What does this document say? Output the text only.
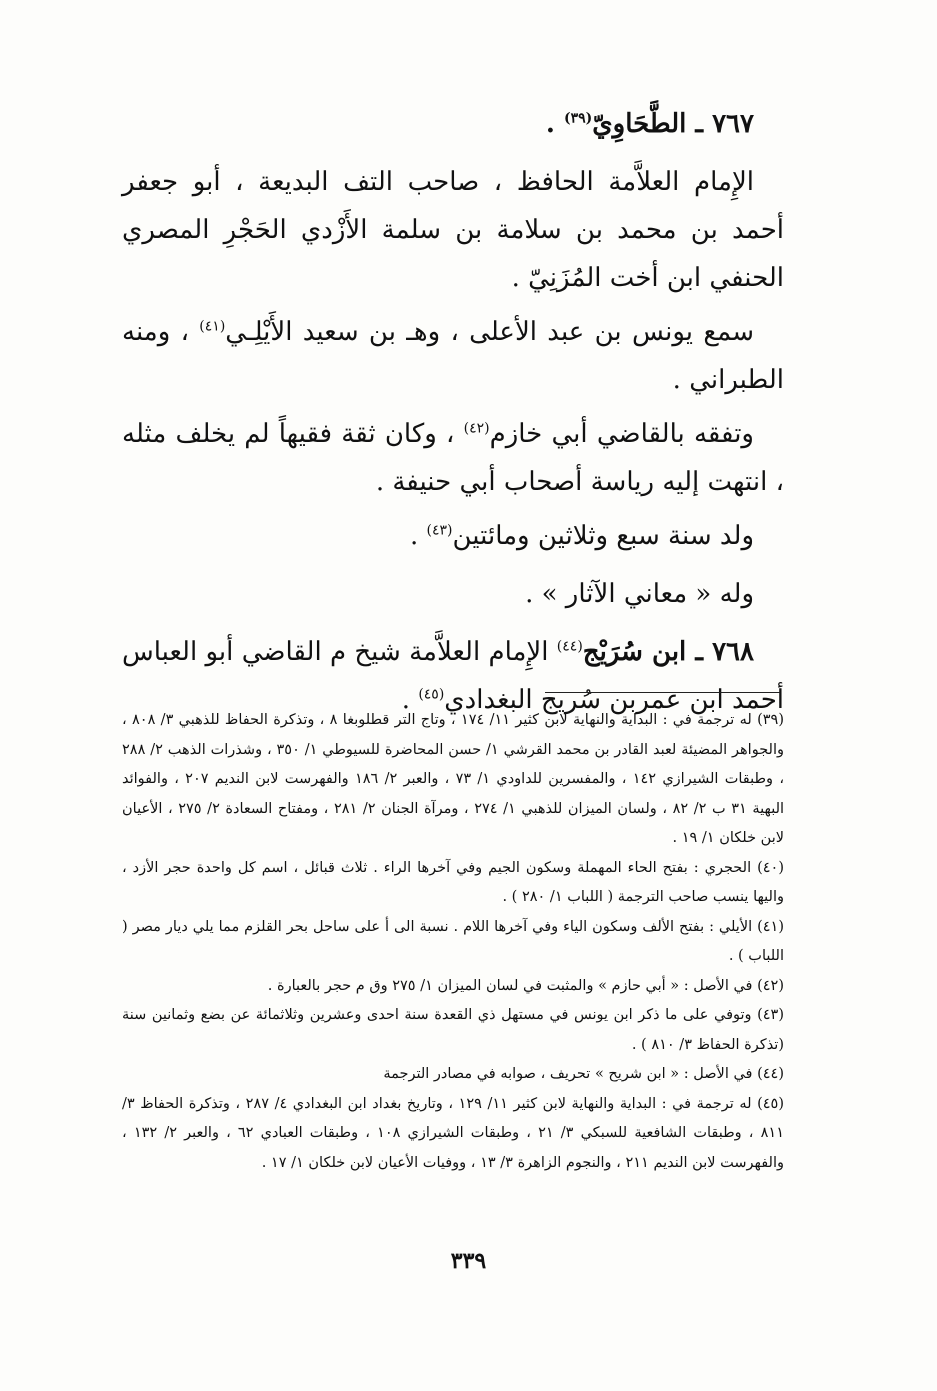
٧٦٧ ـ الطَّحَاوِيّ$^{(٣٩)}$ .

الإِمام العلاَّمة الحافظ ، صاحب التف البديعة ، أبو جعفر أحمد بن محمد بن سلامة بن سلمة الأَزْدي الحَجْرِ المصري الحنفي ابن أخت المُزَنِيّ .

سمع يونس بن عبد الأعلى ، وهـ بن سعيد الأَيْلِـي$^{(٤١)}$ ، ومنه الطبراني .

وتفقه بالقاضي أبي خازم$^{(٤٢)}$ ، وكان ثقة فقيهاً لم يخلف مثله ، انتهت إليه رياسة أصحاب أبي حنيفة .

ولد سنة سبع وثلاثين ومائتين$^{(٤٣)}$ .

وله « معاني الآثار » .

٧٦٨ ـ ابن سُرَيْج$^{(٤٤)}$ الإِمام العلاَّمة شيخ م القاضي أبو العباس أحمد ابن عمربن سُريج البغدادي$^{(٤٥)}$ .

(٣٩) له ترجمة في : البداية والنهاية لابن كثير ١١/ ١٧٤ ، وتاج التر قطلوبغا ٨ ، وتذكرة الحفاظ للذهبي ٣/ ٨٠٨ ، والجواهر المضيئة لعبد القادر بن محمد القرشي ١/ حسن المحاضرة للسيوطي ١/ ٣٥٠ ، وشذرات الذهب ٢/ ٢٨٨ ، وطبقات الشيرازي ١٤٢ ، والمفسرين للداودي ١/ ٧٣ ، والعبر ٢/ ١٨٦ والفهرست لابن النديم ٢٠٧ ، والفوائد البهية ٣١ ب ٢/ ٨٢ ، ولسان الميزان للذهبي ١/ ٢٧٤ ، ومرآة الجنان ٢/ ٢٨١ ، ومفتاح السعادة ٢/ ٢٧٥ ، الأعيان لابن خلكان ١/ ١٩ .

(٤٠) الحجري : بفتح الحاء المهملة وسكون الجيم وفي آخرها الراء . ثلاث قبائل ، اسم كل واحدة حجر الأزد ، واليها ينسب صاحب الترجمة ( اللباب ١/ ٢٨٠ ) .

(٤١) الأيلي : بفتح الألف وسكون الياء وفي آخرها اللام . نسبة الى أ على ساحل بحر القلزم مما يلي ديار مصر ( اللباب ) .

(٤٢) في الأصل : « أبي حازم » والمثبت في لسان الميزان ١/ ٢٧٥ وق م حجر بالعبارة .

(٤٣) وتوفي على ما ذكر ابن يونس في مستهل ذي القعدة سنة احدى وعشرين وثلاثمائة عن بضع وثمانين سنة (تذكرة الحفاظ ٣/ ٨١٠ ) .

(٤٤) في الأصل : « ابن شريح » تحريف ، صوابه في مصادر الترجمة

(٤٥) له ترجمة في : البداية والنهاية لابن كثير ١١/ ١٢٩ ، وتاريخ بغداد ابن البغدادي ٤/ ٢٨٧ ، وتذكرة الحفاظ ٣/ ٨١١ ، وطبقات الشافعية للسبكي ٣/ ٢١ ، وطبقات الشيرازي ١٠٨ ، وطبقات العبادي ٦٢ ، والعبر ٢/ ١٣٢ ، والفهرست لابن النديم ٢١١ ، والنجوم الزاهرة ٣/ ١٣ ، ووفيات الأعيان لابن خلكان ١/ ١٧ .

٣٣٩
